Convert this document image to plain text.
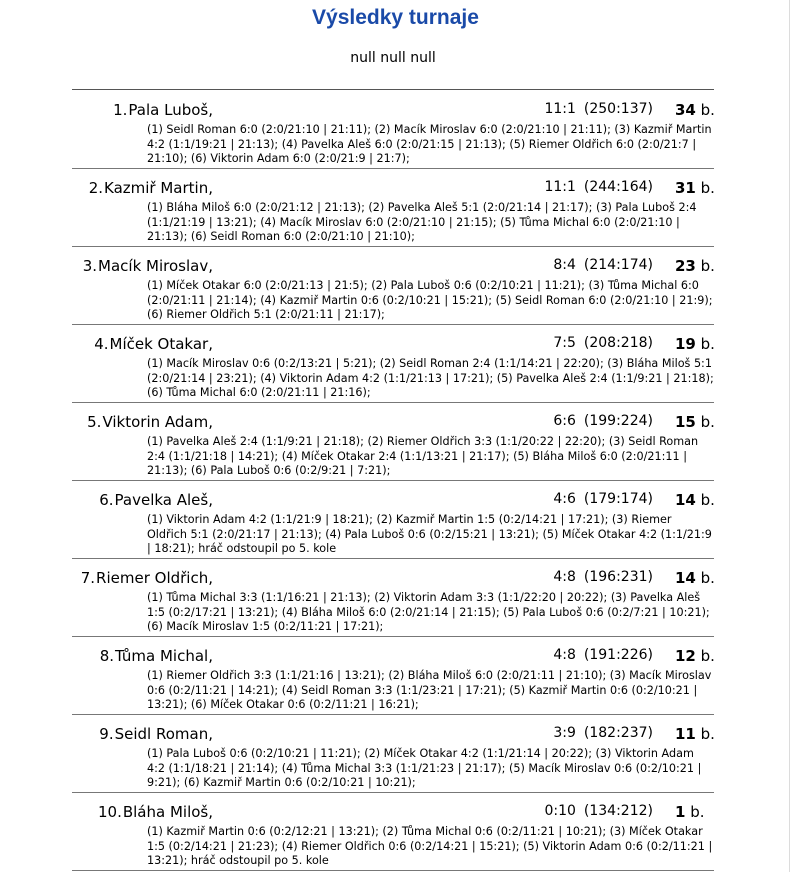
Výsledky turnaje
null null null
1.Pala Luboš,	11:1 (250:137) 34 b.
(1) Seidl Roman 6:0 (2:0/21:10 | 21:11); (2) Macík Miroslav 6:0 (2:0/21:10 | 21:11); (3) Kazmiř Martin 4:2 (1:1/19:21 | 21:13); (4) Pavelka Aleš 6:0 (2:0/21:15 | 21:13); (5) Riemer Oldřich 6:0 (2:0/21:7 | 21:10); (6) Viktorin Adam 6:0 (2:0/21:9 | 21:7);
2.Kazmiř Martin,	11:1 (244:164) 31 b.
(1) Bláha Miloš 6:0 (2:0/21:12 | 21:13); (2) Pavelka Aleš 5:1 (2:0/21:14 | 21:17); (3) Pala Luboš 2:4 (1:1/21:19 | 13:21); (4) Macík Miroslav 6:0 (2:0/21:10 | 21:15); (5) Tůma Michal 6:0 (2:0/21:10 | 21:13); (6) Seidl Roman 6:0 (2:0/21:10 | 21:10);
3.Macík Miroslav,	8:4 (214:174) 23 b.
(1) Míček Otakar 6:0 (2:0/21:13 | 21:5); (2) Pala Luboš 0:6 (0:2/10:21 | 11:21); (3) Tůma Michal 6:0 (2:0/21:11 | 21:14); (4) Kazmiř Martin 0:6 (0:2/10:21 | 15:21); (5) Seidl Roman 6:0 (2:0/21:10 | 21:9); (6) Riemer Oldřich 5:1 (2:0/21:11 | 21:17);
4.Míček Otakar,	7:5 (208:218) 19 b.
(1) Macík Miroslav 0:6 (0:2/13:21 | 5:21); (2) Seidl Roman 2:4 (1:1/14:21 | 22:20); (3) Bláha Miloš 5:1 (2:0/21:14 | 23:21); (4) Viktorin Adam 4:2 (1:1/21:13 | 17:21); (5) Pavelka Aleš 2:4 (1:1/9:21 | 21:18); (6) Tůma Michal 6:0 (2:0/21:11 | 21:16);
5.Viktorin Adam,	6:6 (199:224) 15 b.
(1) Pavelka Aleš 2:4 (1:1/9:21 | 21:18); (2) Riemer Oldřich 3:3 (1:1/20:22 | 22:20); (3) Seidl Roman 2:4 (1:1/21:18 | 14:21); (4) Míček Otakar 2:4 (1:1/13:21 | 21:17); (5) Bláha Miloš 6:0 (2:0/21:11 | 21:13); (6) Pala Luboš 0:6 (0:2/9:21 | 7:21);
6.Pavelka Aleš,	4:6 (179:174) 14 b.
(1) Viktorin Adam 4:2 (1:1/21:9 | 18:21); (2) Kazmiř Martin 1:5 (0:2/14:21 | 17:21); (3) Riemer Oldřich 5:1 (2:0/21:17 | 21:13); (4) Pala Luboš 0:6 (0:2/15:21 | 13:21); (5) Míček Otakar 4:2 (1:1/21:9 | 18:21); hráč odstoupil po 5. kole
7.Riemer Oldřich,	4:8 (196:231) 14 b.
(1) Tůma Michal 3:3 (1:1/16:21 | 21:13); (2) Viktorin Adam 3:3 (1:1/22:20 | 20:22); (3) Pavelka Aleš 1:5 (0:2/17:21 | 13:21); (4) Bláha Miloš 6:0 (2:0/21:14 | 21:15); (5) Pala Luboš 0:6 (0:2/7:21 | 10:21); (6) Macík Miroslav 1:5 (0:2/11:21 | 17:21);
8.Tůma Michal,	4:8 (191:226) 12 b.
(1) Riemer Oldřich 3:3 (1:1/21:16 | 13:21); (2) Bláha Miloš 6:0 (2:0/21:11 | 21:10); (3) Macík Miroslav 0:6 (0:2/11:21 | 14:21); (4) Seidl Roman 3:3 (1:1/23:21 | 17:21); (5) Kazmiř Martin 0:6 (0:2/10:21 | 13:21); (6) Míček Otakar 0:6 (0:2/11:21 | 16:21);
9.Seidl Roman,	3:9 (182:237) 11 b.
(1) Pala Luboš 0:6 (0:2/10:21 | 11:21); (2) Míček Otakar 4:2 (1:1/21:14 | 20:22); (3) Viktorin Adam 4:2 (1:1/18:21 | 21:14); (4) Tůma Michal 3:3 (1:1/21:23 | 21:17); (5) Macík Miroslav 0:6 (0:2/10:21 | 9:21); (6) Kazmiř Martin 0:6 (0:2/10:21 | 10:21);
10.Bláha Miloš,	0:10 (134:212) 1 b.
(1) Kazmiř Martin 0:6 (0:2/12:21 | 13:21); (2) Tůma Michal 0:6 (0:2/11:21 | 10:21); (3) Míček Otakar 1:5 (0:2/14:21 | 21:23); (4) Riemer Oldřich 0:6 (0:2/14:21 | 15:21); (5) Viktorin Adam 0:6 (0:2/11:21 | 13:21); hráč odstoupil po 5. kole
